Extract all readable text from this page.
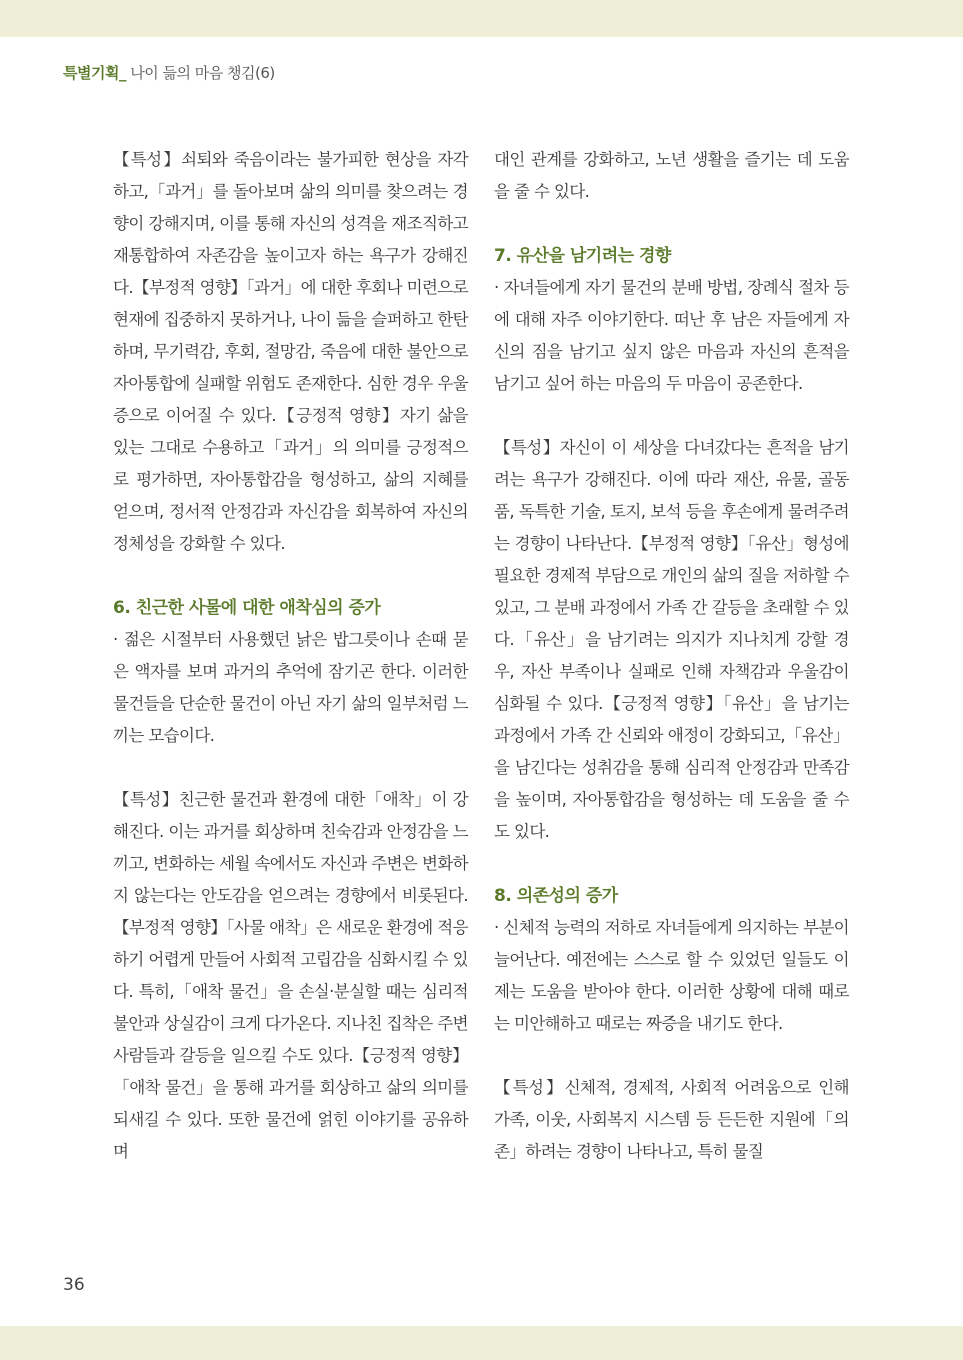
특별기획_ 나이 듦의 마음 챙김(6)

【특성】쇠퇴와 죽음이라는 불가피한 현상을 자각하고,「과거」를 돌아보며 삶의 의미를 찾으려는 경향이 강해지며, 이를 통해 자신의 성격을 재조직하고 재통합하여 자존감을 높이고자 하는 욕구가 강해진다.【부정적 영향】「과거」에 대한 후회나 미련으로 현재에 집중하지 못하거나, 나이 듦을 슬퍼하고 한탄하며, 무기력감, 후회, 절망감, 죽음에 대한 불안으로 자아통합에 실패할 위험도 존재한다. 심한 경우 우울증으로 이어질 수 있다.【긍정적 영향】자기 삶을 있는 그대로 수용하고「과거」의 의미를 긍정적으로 평가하면, 자아통합감을 형성하고, 삶의 지혜를 얻으며, 정서적 안정감과 자신감을 회복하여 자신의 정체성을 강화할 수 있다.

6. 친근한 사물에 대한 애착심의 증가

· 젊은 시절부터 사용했던 낡은 밥그릇이나 손때 묻은 액자를 보며 과거의 추억에 잠기곤 한다. 이러한 물건들을 단순한 물건이 아닌 자기 삶의 일부처럼 느끼는 모습이다.

【특성】친근한 물건과 환경에 대한「애착」이 강해진다. 이는 과거를 회상하며 친숙감과 안정감을 느끼고, 변화하는 세월 속에서도 자신과 주변은 변화하지 않는다는 안도감을 얻으려는 경향에서 비롯된다.【부정적 영향】「사물 애착」은 새로운 환경에 적응하기 어렵게 만들어 사회적 고립감을 심화시킬 수 있다. 특히,「애착 물건」을 손실·분실할 때는 심리적 불안과 상실감이 크게 다가온다. 지나친 집착은 주변 사람들과 갈등을 일으킬 수도 있다.【긍정적 영향】「애착 물건」을 통해 과거를 회상하고 삶의 의미를 되새길 수 있다. 또한 물건에 얽힌 이야기를 공유하며

대인 관계를 강화하고, 노년 생활을 즐기는 데 도움을 줄 수 있다.

7. 유산을 남기려는 경향

· 자녀들에게 자기 물건의 분배 방법, 장례식 절차 등에 대해 자주 이야기한다. 떠난 후 남은 자들에게 자신의 짐을 남기고 싶지 않은 마음과 자신의 흔적을 남기고 싶어 하는 마음의 두 마음이 공존한다.

【특성】자신이 이 세상을 다녀갔다는 흔적을 남기려는 욕구가 강해진다. 이에 따라 재산, 유물, 골동품, 독특한 기술, 토지, 보석 등을 후손에게 물려주려는 경향이 나타난다.【부정적 영향】「유산」형성에 필요한 경제적 부담으로 개인의 삶의 질을 저하할 수 있고, 그 분배 과정에서 가족 간 갈등을 초래할 수 있다.「유산」을 남기려는 의지가 지나치게 강할 경우, 자산 부족이나 실패로 인해 자책감과 우울감이 심화될 수 있다.【긍정적 영향】「유산」을 남기는 과정에서 가족 간 신뢰와 애정이 강화되고,「유산」을 남긴다는 성취감을 통해 심리적 안정감과 만족감을 높이며, 자아통합감을 형성하는 데 도움을 줄 수도 있다.

8. 의존성의 증가

· 신체적 능력의 저하로 자녀들에게 의지하는 부분이 늘어난다. 예전에는 스스로 할 수 있었던 일들도 이제는 도움을 받아야 한다. 이러한 상황에 대해 때로는 미안해하고 때로는 짜증을 내기도 한다.

【특성】신체적, 경제적, 사회적 어려움으로 인해 가족, 이웃, 사회복지 시스템 등 든든한 지원에「의존」하려는 경향이 나타나고, 특히 물질

36
